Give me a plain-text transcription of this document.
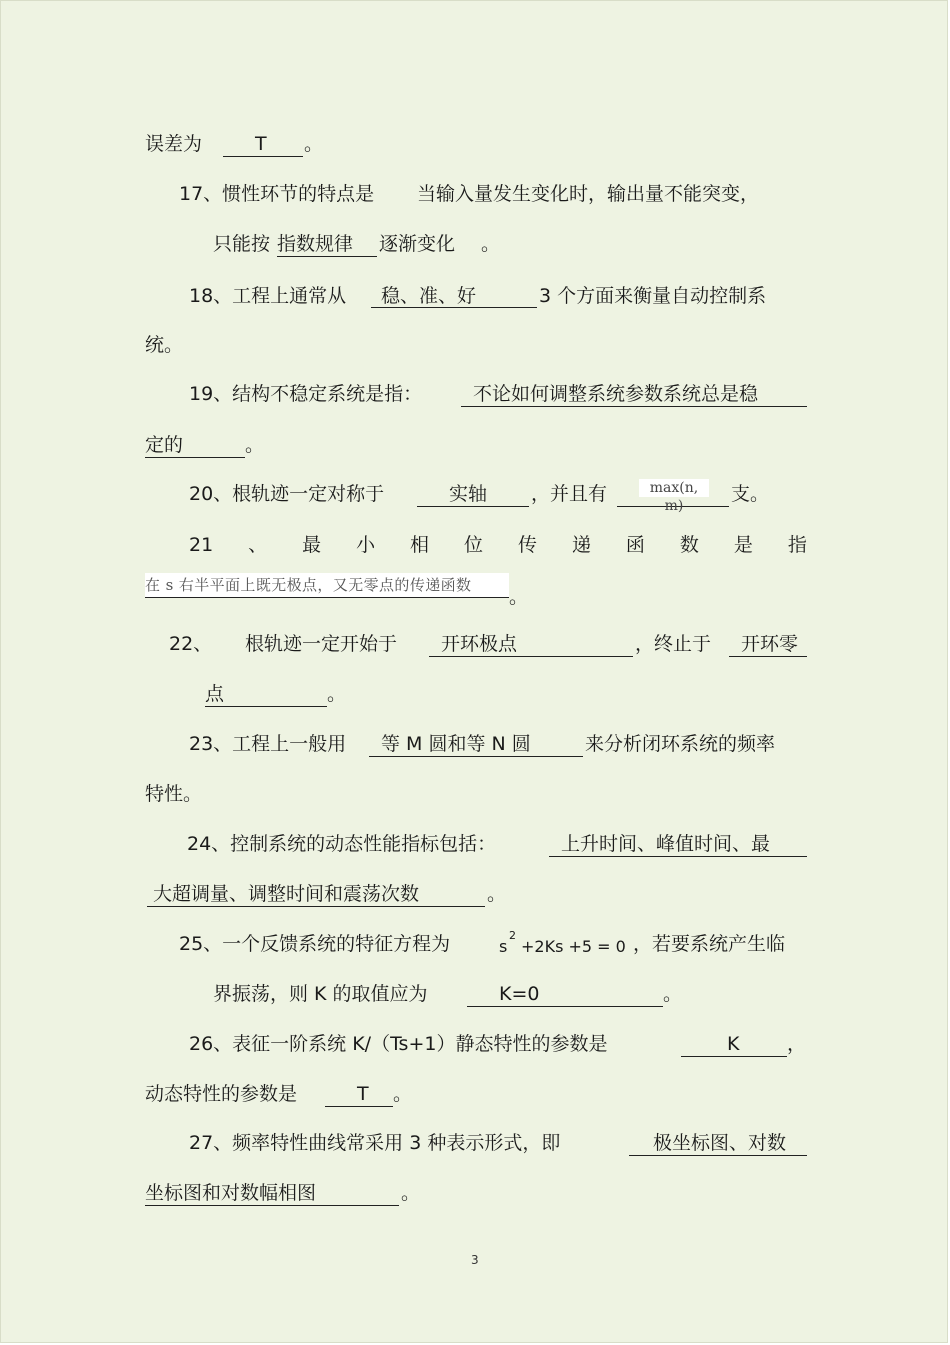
误差为	T 。
17、惯性环节的特点是 当输入量发生变化时，输出量不能突变，
只能按 指数规律 逐渐变化 。
18、工程上通常从 稳、准、好	3 个方面来衡量自动控制系
统。
19、结构不稳定系统是指：	不论如何调整系统参数系统总是稳
定的	。
20、根轨迹一定对称于	实轴 ，并且有	max(n, m)
支。
21 、 最 小 相 位 传 递 函 数 是 指
在 s 右半平面上既无极点，又无零点的传递函数
。
22、 根轨迹一定开始于 开环极点	，终止于 开环零
点	。
23、工程上一般用 等 M 圆和等 N 圆	来分析闭环系统的频率
特性。
24、控制系统的动态性能指标包括：	上升时间、峰值时间、最
大超调量、调整时间和震荡次数	。
25、一个反馈系统的特征方程为	s
2
+2Ks +5 = 0 ，若要系统产生临
界振荡，则 K 的取值应为	K=0	。
26、表征一阶系统 K/（Ts+1）静态特性的参数是	K	，
动态特性的参数是	T 。
27、频率特性曲线常采用 3 种表示形式，即	极坐标图、对数
坐标图和对数幅相图	。
3
